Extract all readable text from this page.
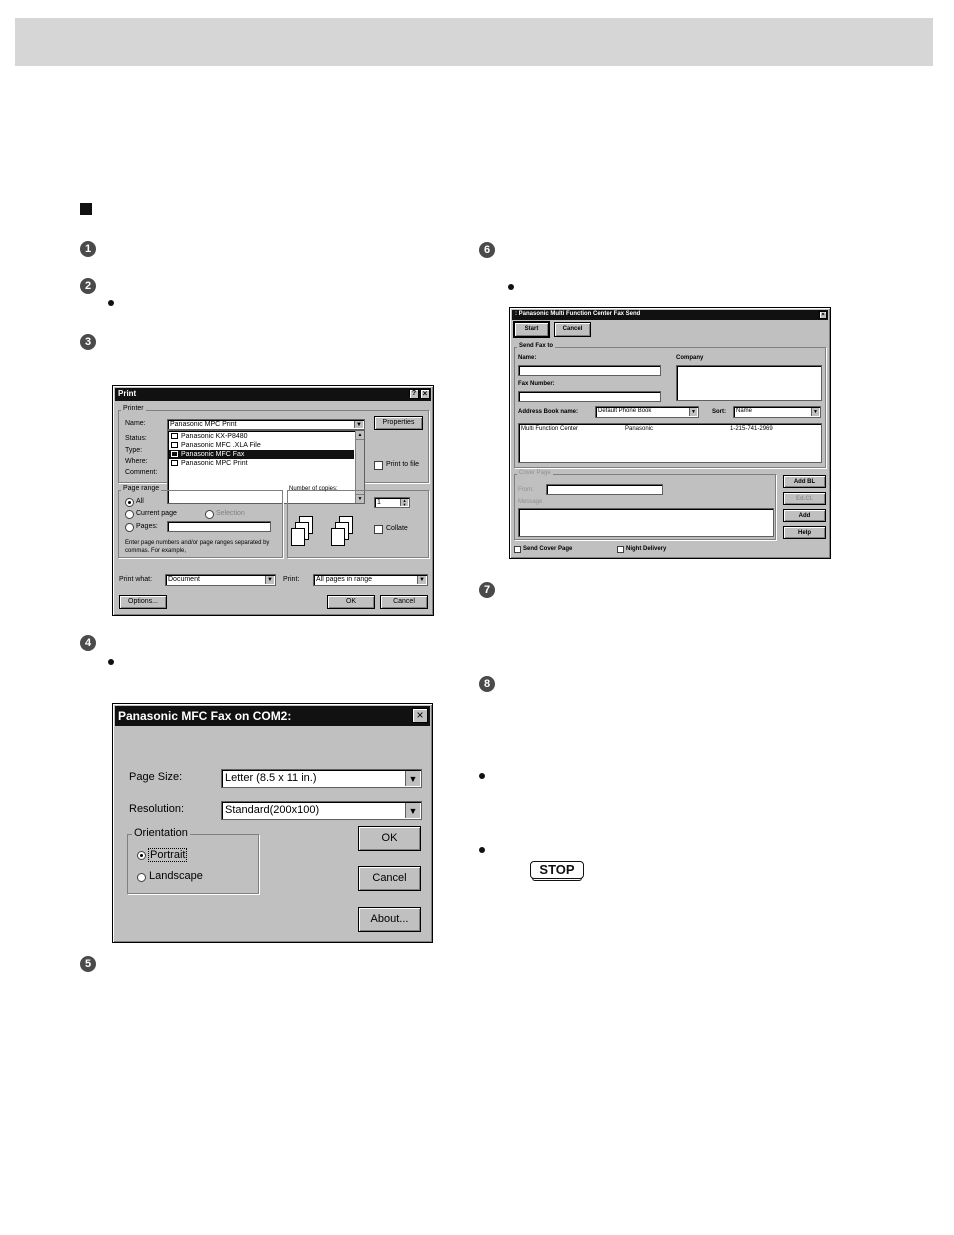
1
2
3
4
5
6
7
8
STOP
Print	? ×
Printer
Name:
Status:
Type:
Where:
Comment:
Properties
Print to file
Panasonic MPC Print	▼
Panasonic KX-P8480
Panasonic MFC .XLA File
Panasonic MFC Fax
Panasonic MPC Print
▲
▼
Page range
All
Current page	Selection
Pages:
Enter page numbers and/or page ranges separated by commas. For example,
Number of copies:
1	▲
▼
Collate
Print what:	Document	▼ Print:	All pages in range	▼
Options...	OK	Cancel
Panasonic MFC Fax on COM2:	×
Page Size:	Letter (8.5 x 11 in.)	▼
Resolution:	Standard(200x100)	▼
Orientation
Portrait
Landscape
OK
Cancel
About...
: Panasonic Multi Function Center Fax Send	×
Start	Cancel
Send Fax to
Name:	Company
Fax Number:
Address Book name:	Default Phone Book	▼	Sort:	Name	▼
Multi Function Center	Panasonic	1-215-741-2969
Cover Page
From:
Message
Add BL
Ed.Cl.
Add
Help
Send Cover Page	Night Delivery
